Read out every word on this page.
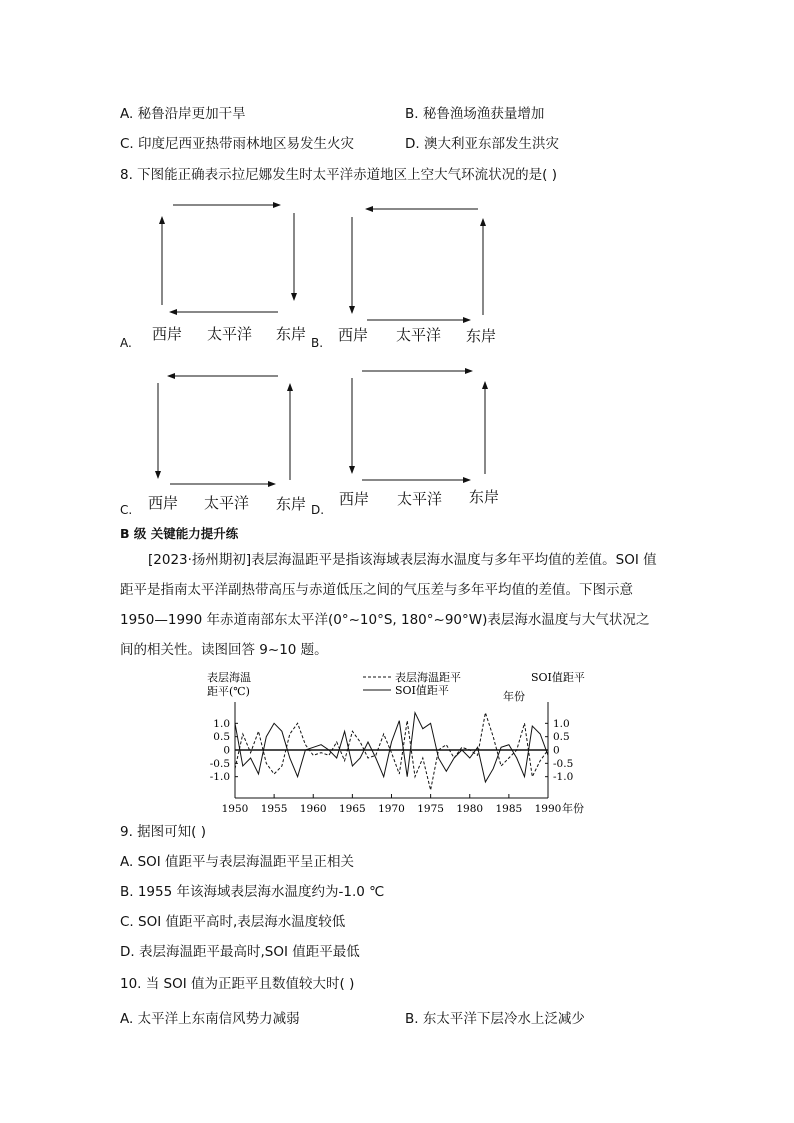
A. 秘鲁沿岸更加干旱	B. 秘鲁渔场渔获量增加
C. 印度尼西亚热带雨林地区易发生火灾	D. 澳大利亚东部发生洪灾
8. 下图能正确表示拉尼娜发生时太平洋赤道地区上空大气环流状况的是( )
A. 西岸 太平洋 东岸 B. 西岸 太平洋 东岸
C. 西岸 太平洋 东岸 D.
西岸 太平洋 东岸
B 级 关键能力提升练
[2023·扬州期初]表层海温距平是指该海域表层海水温度与多年平均值的差值。SOI 值
距平是指南太平洋副热带高压与赤道低压之间的气压差与多年平均值的差值。下图示意
1950—1990 年赤道南部东太平洋(0°~10°S, 180°~90°W)表层海水温度与大气状况之
间的相关性。读图回答 9~10 题。
表层海温
距平(℃)
SOI值距平
年份
表层海温距平
SOI值距平
1.0	1.0
0.5	0.5
0	0
-0.5	-0.5
-1.0	-1.0
1950 1955 1960 1965 1970 1975 1980 1985 1990 年份
9. 据图可知( )
A. SOI 值距平与表层海温距平呈正相关
B. 1955 年该海域表层海水温度约为-1.0 ℃
C. SOI 值距平高时,表层海水温度较低
D. 表层海温距平最高时,SOI 值距平最低
10. 当 SOI 值为正距平且数值较大时( )
A. 太平洋上东南信风势力减弱	B. 东太平洋下层冷水上泛减少
